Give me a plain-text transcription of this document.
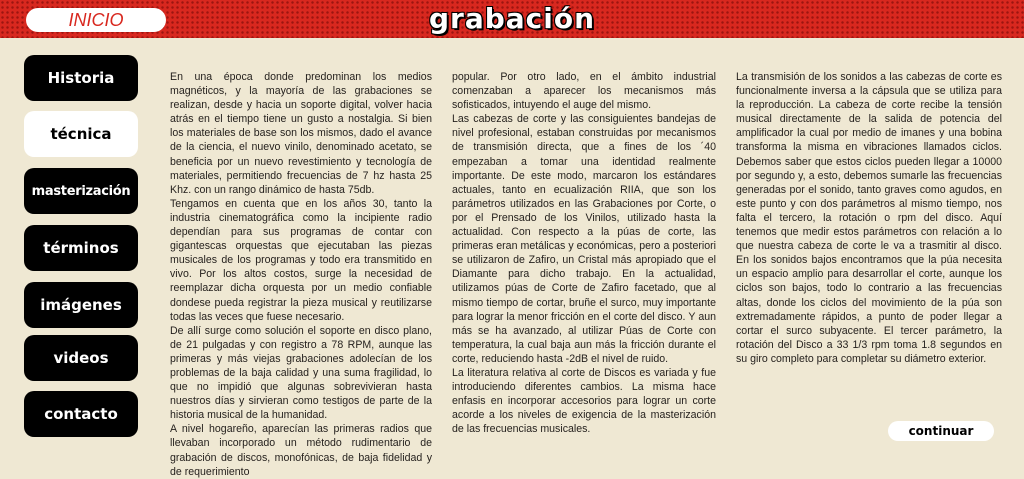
INICIO	grabación
Historia
técnica
masterización
términos
imágenes
videos
contacto

En una época donde predominan los medios magnéticos, y la mayoría de las grabaciones se realizan, desde y hacia un soporte digital, volver hacia atrás en el tiempo tiene un gusto a nostalgia. Si bien los materiales de base son los mismos, dado el avance de la ciencia, el nuevo vinilo, denominado acetato, se beneficia por un nuevo revestimiento y tecnología de materiales, permitiendo frecuencias de 7 hz hasta 25 Khz. con un rango dinámico de hasta 75db.

Tengamos en cuenta que en los años 30, tanto la industria cinematográfica como la incipiente radio dependían para sus programas de contar con gigantescas orquestas que ejecutaban las piezas musicales de los programas y todo era transmitido en vivo. Por los altos costos, surge la necesidad de reemplazar dicha orquesta por un medio confiable dondese pueda registrar la pieza musical y reutilizarse todas las veces que fuese necesario.

De allí surge como solución el soporte en disco plano, de 21 pulgadas y con registro a 78 RPM, aunque las primeras y más viejas grabaciones adolecían de los problemas de la baja calidad y una suma fragilidad, lo que no impidió que algunas sobrevivieran hasta nuestros días y sirvieran como testigos de parte de la historia musical de la humanidad.

A nivel hogareño, aparecían las primeras radios que llevaban incorporado un método rudimentario de grabación de discos, monofónicas, de baja fidelidad y de requerimiento

popular. Por otro lado, en el ámbito industrial comenzaban a aparecer los mecanismos más sofisticados, intuyendo el auge del mismo.

Las cabezas de corte y las consiguientes bandejas de nivel profesional, estaban construidas por mecanismos de transmisión directa, que a fines de los ´40 empezaban a tomar una identidad realmente importante. De este modo, marcaron los estándares actuales, tanto en ecualización RIIA, que son los parámetros utilizados en las Grabaciones por Corte, o por el Prensado de los Vinilos, utilizado hasta la actualidad. Con respecto a la púas de corte, las primeras eran metálicas y económicas, pero a posteriori se utilizaron de Zafiro, un Cristal más apropiado que el Diamante para dicho trabajo. En la actualidad, utilizamos púas de Corte de Zafiro facetado, que al mismo tiempo de cortar, bruñe el surco, muy importante para lograr la menor fricción en el corte del disco. Y aun más se ha avanzado, al utilizar Púas de Corte con temperatura, la cual baja aun más la fricción durante el corte, reduciendo hasta -2dB el nivel de ruido.

La literatura relativa al corte de Discos es variada y fue introduciendo diferentes cambios. La misma hace enfasis en incorporar accesorios para lograr un corte acorde a los niveles de exigencia de la masterización de las frecuencias musicales.

La transmisión de los sonidos a las cabezas de corte es funcionalmente inversa a la cápsula que se utiliza para la reproducción. La cabeza de corte recibe la tensión musical directamente de la salida de potencia del amplificador la cual por medio de imanes y una bobina transforma la misma en vibraciones llamados ciclos. Debemos saber que estos ciclos pueden llegar a 10000 por segundo y, a esto, debemos sumarle las frecuencias generadas por el sonido, tanto graves como agudos, en este punto y con dos parámetros al mismo tiempo, nos falta el tercero, la rotación o rpm del disco. Aquí tenemos que medir estos parámetros con relación a lo que nuestra cabeza de corte le va a trasmitir al disco. En los sonidos bajos encontramos que la púa necesita un espacio amplio para desarrollar el corte, aunque los ciclos son bajos, todo lo contrario a las frecuencias altas, donde los ciclos del movimiento de la púa son extremadamente rápidos, a punto de poder llegar a cortar el surco subyacente. El tercer parámetro, la rotación del Disco a 33 1/3 rpm toma 1.8 segundos en su giro completo para completar su diámetro exterior.

continuar
